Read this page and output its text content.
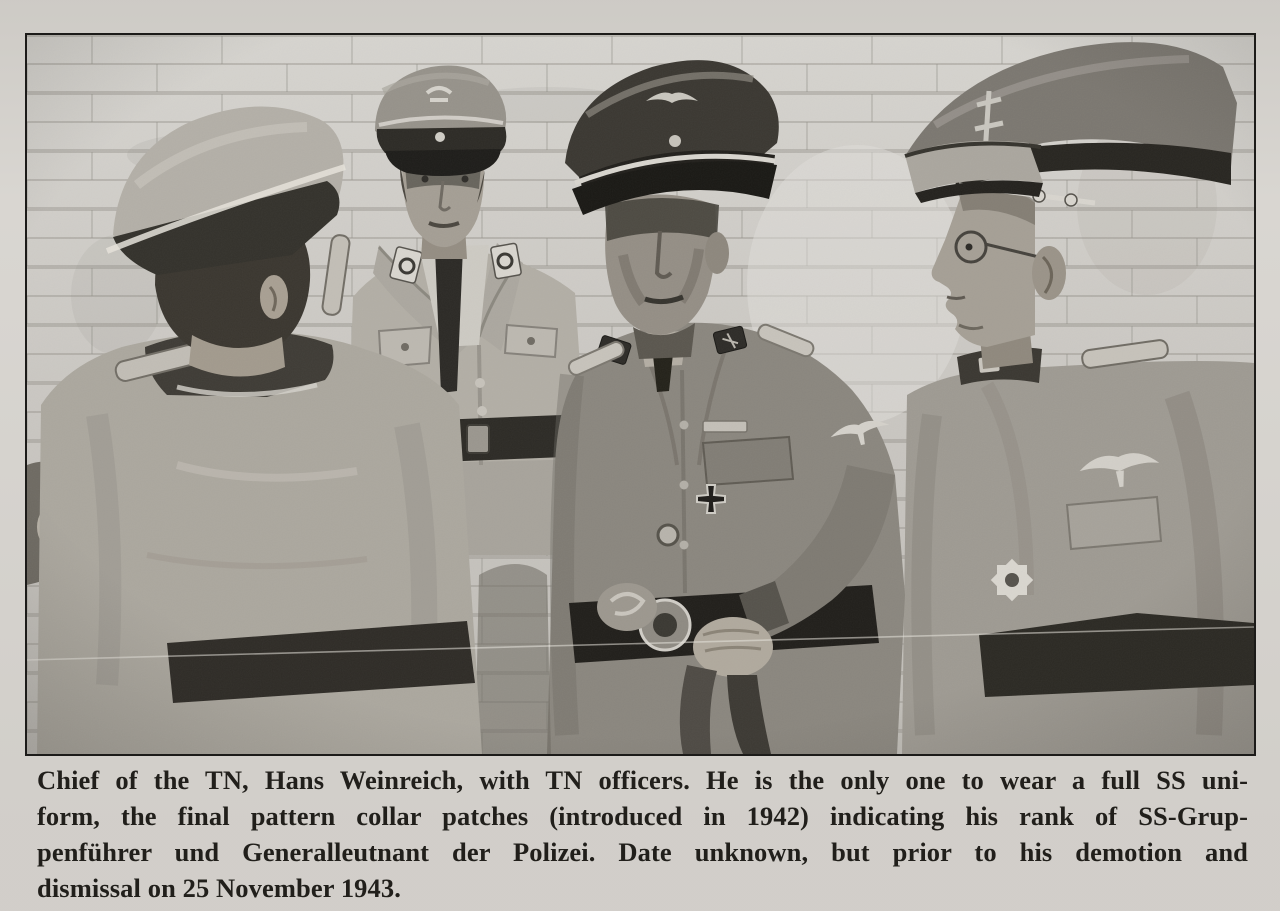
Chief of the TN, Hans Weinreich, with TN officers. He is the only one to wear a full SS uni-

form, the final pattern collar patches (introduced in 1942) indicating his rank of SS-Grup-

penführer und Generalleutnant der Polizei. Date unknown, but prior to his demotion and

dismissal on 25 November 1943.
